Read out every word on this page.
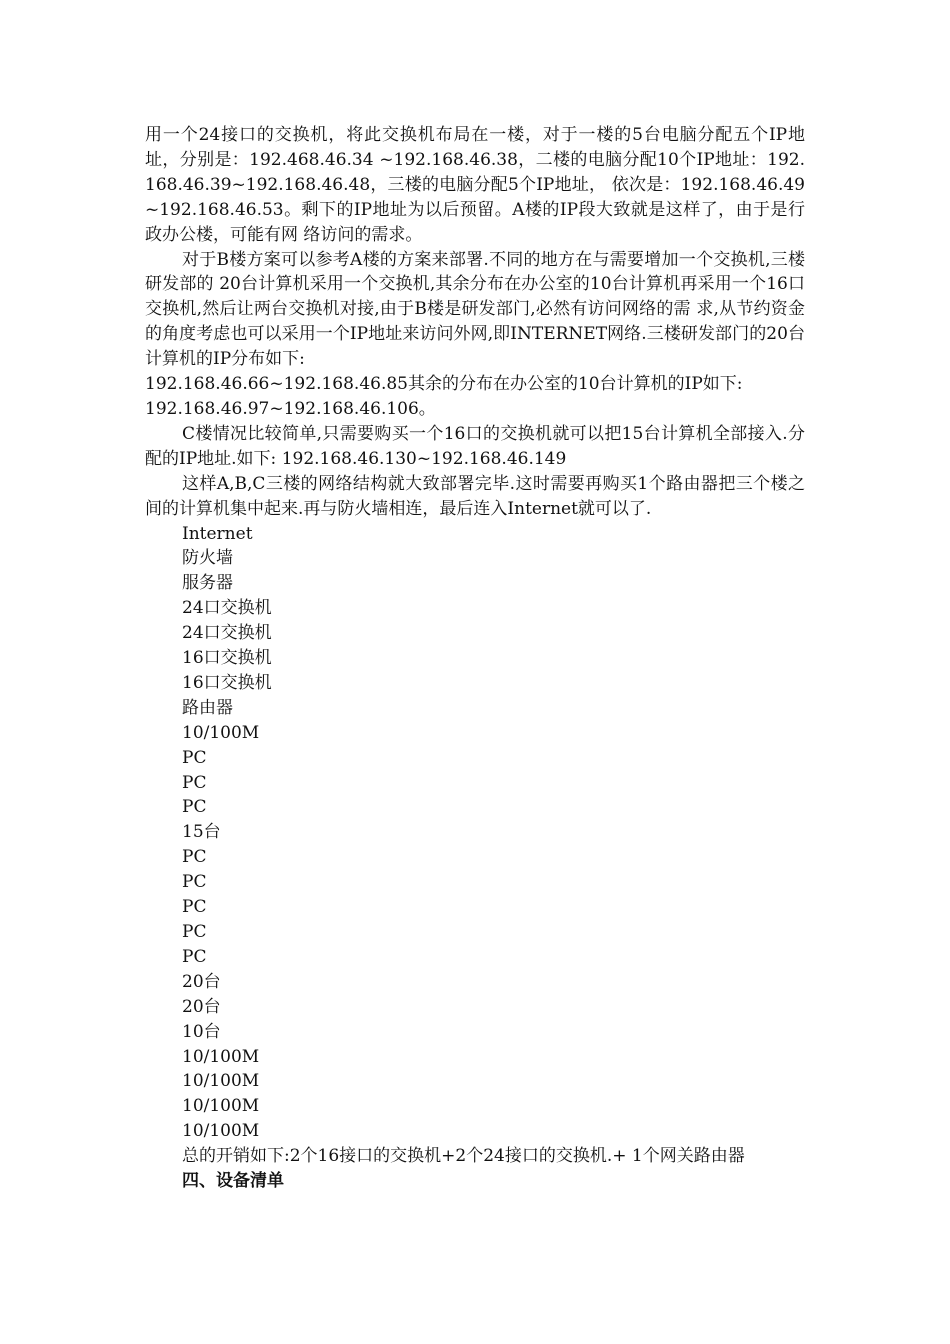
用一个24接口的交换机，将此交换机布局在一楼，对于一楼的5台电脑分配五个IP地址，分别是：192.468.46.34 ~192.168.46.38，二楼的电脑分配10个IP地址：192.168.46.39~192.168.46.48，三楼的电脑分配5个IP地址， 依次是：192.168.46.49~192.168.46.53。剩下的IP地址为以后预留。A楼的IP段大致就是这样了，由于是行政办公楼，可能有网 络访问的需求。

对于B楼方案可以参考A楼的方案来部署.不同的地方在与需要增加一个交换机,三楼研发部的 20台计算机采用一个交换机,其余分布在办公室的10台计算机再采用一个16口交换机,然后让两台交换机对接,由于B楼是研发部门,必然有访问网络的需 求,从节约资金的角度考虑也可以采用一个IP地址来访问外网,即INTERNET网络.三楼研发部门的20台计算机的IP分布如下:

192.168.46.66~192.168.46.85其余的分布在办公室的10台计算机的IP如下:

192.168.46.97~192.168.46.106。

C楼情况比较简单,只需要购买一个16口的交换机就可以把15台计算机全部接入.分配的IP地址.如下: 192.168.46.130~192.168.46.149

这样A,B,C三楼的网络结构就大致部署完毕.这时需要再购买1个路由器把三个楼之间的计算机集中起来.再与防火墙相连，最后连入Internet就可以了.

Internet
防火墙
服务器
24口交换机
24口交换机
16口交换机
16口交换机
路由器
10/100M
PC
PC
PC
15台
PC
PC
PC
PC
PC
20台
20台
10台
10/100M
10/100M
10/100M
10/100M

总的开销如下:2个16接口的交换机+2个24接口的交换机.+ 1个网关路由器

四、设备清单
